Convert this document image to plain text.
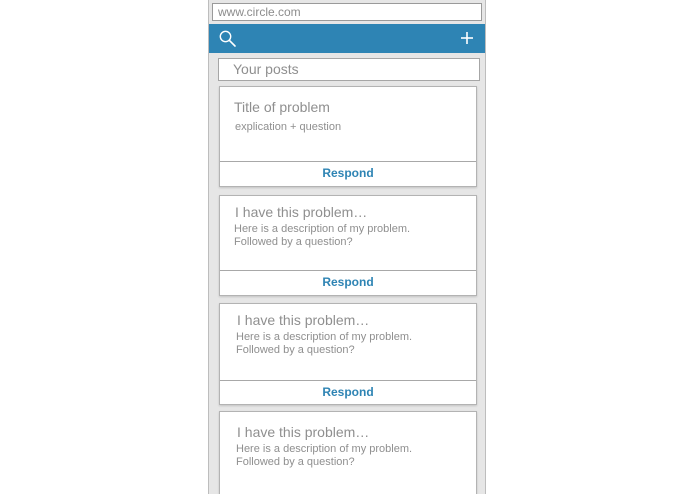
www.circle.com
Your posts
Title of problem
explication + question
Respond
I have this problem…
Here is a description of my problem.
Followed by a question?
Respond
I have this problem…
Here is a description of my problem.
Followed by a question?
Respond
I have this problem…
Here is a description of my problem.
Followed by a question?
